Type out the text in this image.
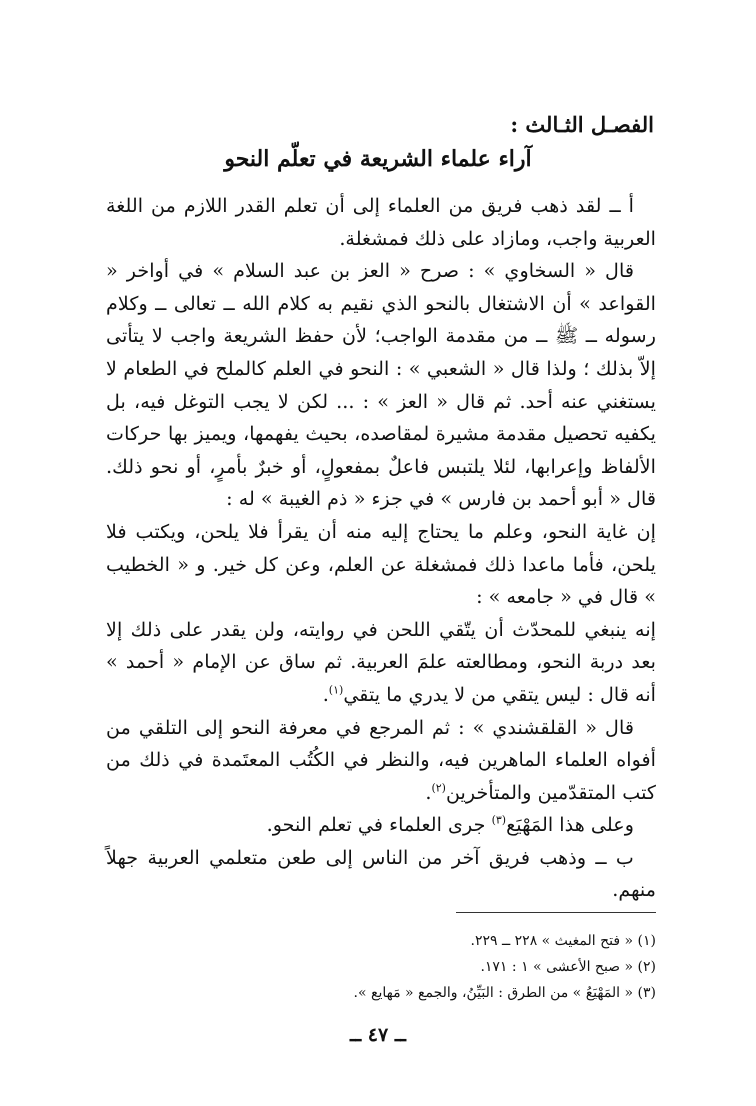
الفصـل الثـالث :
آراء علماء الشريعة في تعلّم النحو

أ ــ لقد ذهب فريق من العلماء إلى أن تعلم القدر اللازم من اللغة العربية واجب، ومازاد على ذلك فمشغلة.

قال « السخاوي » : صرح « العز بن عبد السلام » في أواخر « القواعد » أن الاشتغال بالنحو الذي نقيم به كلام الله ــ تعالى ــ وكلام رسوله ــ ﷺ ــ من مقدمة الواجب؛ لأن حفظ الشريعة واجب لا يتأتى إلاّ بذلك ؛ ولذا قال « الشعبي » : النحو في العلم كالملح في الطعام لا يستغني عنه أحد. ثم قال « العز » : ... لكن لا يجب التوغل فيه، بل يكفيه تحصيل مقدمة مشيرة لمقاصده، بحيث يفهمها، ويميز بها حركات الألفاظ وإعرابها، لئلا يلتبس فاعلٌ بمفعولٍ، أو خبرٌ بأمرٍ، أو نحو ذلك. قال « أبو أحمد بن فارس » في جزء « ذم الغيبة » له :

إن غاية النحو، وعلم ما يحتاج إليه منه أن يقرأ فلا يلحن، ويكتب فلا يلحن، فأما ماعدا ذلك فمشغلة عن العلم، وعن كل خير. و « الخطيب » قال في « جامعه » :

إنه ينبغي للمحدّث أن يتّقي اللحن في روايته، ولن يقدر على ذلك إلا بعد دربة النحو، ومطالعته علمَ العربية. ثم ساق عن الإمام « أحمد » أنه قال : ليس يتقي من لا يدري ما يتقي$^{(١)}$.

قال « القلقشندي » : ثم المرجع في معرفة النحو إلى التلقي من أفواه العلماء الماهرين فيه، والنظر في الكُتُب المعتَمدة في ذلك من كتب المتقدّمين والمتأخرين$^{(٢)}$.

وعلى هذا المَهْيَع$^{(٣)}$ جرى العلماء في تعلم النحو.

ب ــ وذهب فريق آخر من الناس إلى طعن متعلمي العربية جهلاً منهم.

(١) « فتح المغيث » ٢٢٨ ــ ٢٢٩.
(٢) « صبح الأعشى » ١ : ١٧١.
(٣) « المَهْيَعُ » من الطرق : البَيِّنُ، والجمع « مَهايع ».
ــ ٤٧ ــ
